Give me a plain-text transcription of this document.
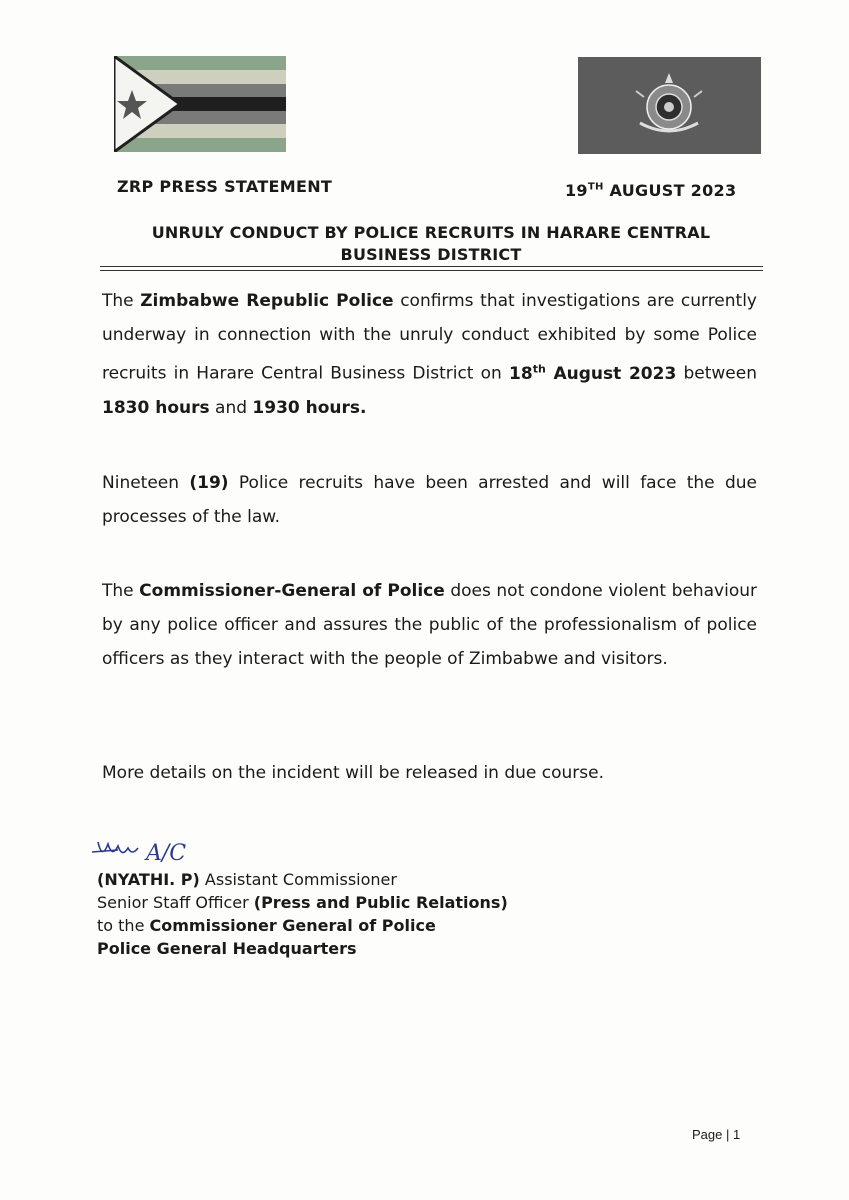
ZRP PRESS STATEMENT	19TH AUGUST 2023
UNRULY CONDUCT BY POLICE RECRUITS IN HARARE CENTRAL
BUSINESS DISTRICT
The Zimbabwe Republic Police confirms that investigations are currently underway in connection with the unruly conduct exhibited by some Police recruits in Harare Central Business District on 18th August 2023 between 1830 hours and 1930 hours.
Nineteen (19) Police recruits have been arrested and will face the due processes of the law.
The Commissioner-General of Police does not condone violent behaviour by any police officer and assures the public of the professionalism of police officers as they interact with the people of Zimbabwe and visitors.
More details on the incident will be released in due course.
A/C
(NYATHI. P) Assistant Commissioner
Senior Staff Officer (Press and Public Relations)
to the Commissioner General of Police
Police General Headquarters
Page | 1
